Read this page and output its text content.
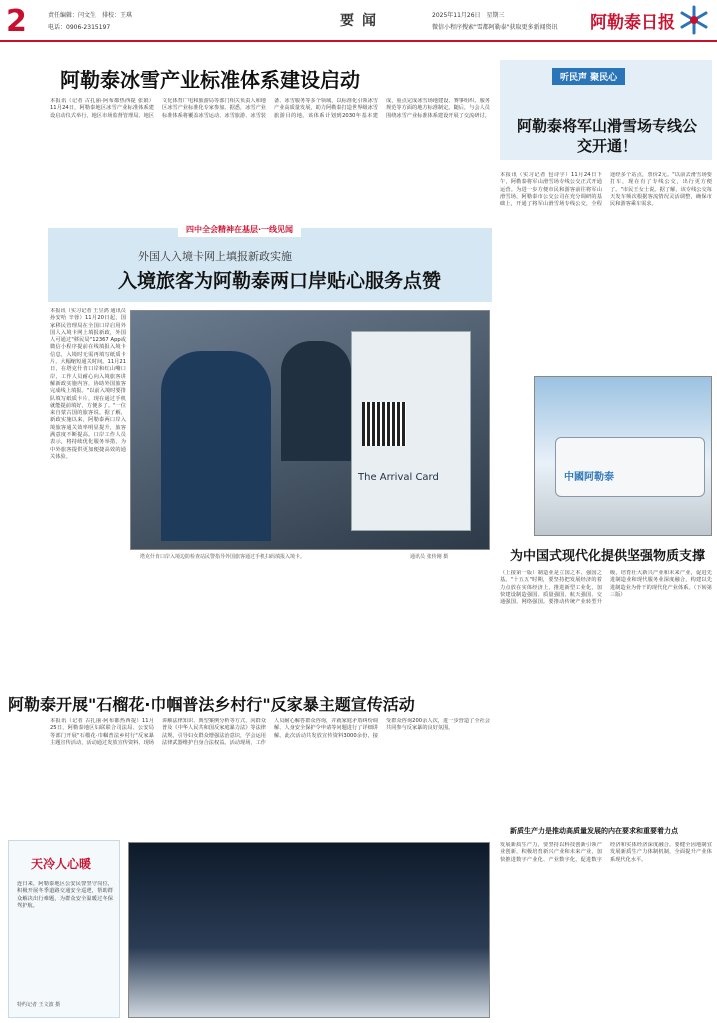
2	责任编辑：闫文生　排校：王琪
电话：0906-2315197	要闻	2025年11月26日　星期三
微信小程序搜索"雪都阿勒泰"获取更多新闻资讯 阿勒泰日报
阿勒泰冰雪产业标准体系建设启动
本报讯（记者 古扎丽·阿布都热西提 张娟）11月24日，阿勒泰地区冰雪产业标准体系建设启动仪式举行，地区市场监督管理局、地区文化体育广电和旅游局等部门相关负责人和地区冰雪产业标准化专家参加。据悉，冰雪产业标准体系将覆盖冰雪运动、冰雪旅游、冰雪装备、冰雪服务等多个领域，以标准化引领冰雪产业高质量发展，助力阿勒泰打造世界级冰雪旅游目的地。该体系计划到2030年基本建成，重点完成冰雪场地建设、赛事组织、服务规范等方面的地方标准制定。随后，与会人员围绕冰雪产业标准体系建设开展了交流研讨。
四中全会精神在基层·一线见闻
外国人入境卡网上填报新政实施
入境旅客为阿勒泰两口岸贴心服务点赞
本报讯（实习记者 王昱鸿 通讯员 孙安哈 辛蓉）11月20日起，国家移民管理局在全国口岸启用外国人入境卡网上填报新政，外国人可通过"移民局"12367 App或微信小程序提前在线填报入境卡信息，入境时无需再填写纸质卡片，大幅缩短通关时间。11月21日，在塔克什肯口岸和红山嘴口岸，工作人员耐心向入境旅客讲解新政实施内容，协助外国旅客完成线上填报。"以前入境时要排队填写纸质卡片，现在通过手机就能提前填好，方便多了。"一位来自蒙古国的旅客说。据了解，新政实施以来，阿勒泰两口岸入境旅客通关效率明显提升，旅客满意度不断提高。口岸工作人员表示，将持续优化服务举措，为中外旅客提供更加便捷高效的通关体验。
The Arrival Card
塔克什肯口岸入境边防检查站民警指导外国旅客通过手机扫码填报入境卡。	通讯员 张传刚 摄
阿勒泰开展"石榴花·巾帼普法乡村行"反家暴主题宣传活动
本报讯（记者 古扎丽·阿布都热西提）11月25日，阿勒泰地区妇联联合司法局、公安局等部门开展"石榴花·巾帼普法乡村行"反家暴主题宣传活动，活动通过发放宣传资料、现场讲解法律知识、典型案例分析等方式，向群众普及《中华人民共和国反家庭暴力法》等法律法规，引导妇女群众增强法治意识，学会运用法律武器维护自身合法权益。活动现场，工作人员耐心解答群众咨询，并就家庭矛盾纠纷调解、人身安全保护令申请等问题进行了详细讲解。此次活动共发放宣传资料3000余份，接受群众咨询200余人次，进一步营造了全社会共同参与反家暴的良好氛围。
天冷人心暖
连日来，阿勒泰地区公安民警坚守岗位，积极开展冬季道路交通安全巡逻，帮助群众解决出行难题，为群众安全温暖过冬保驾护航。
特约记者 王文波 摄
听民声 聚民心
阿勒泰将军山滑雪场专线公交开通！
本报讯（实习记者 包诗宇）11月24日下午，阿勒泰将军山滑雪场专线公交正式开通运营。为进一步方便市民和游客前往将军山滑雪场，阿勒泰市公交公司在充分调研的基础上，开通了将军山滑雪场专线公交，全程途经多个站点，票价2元。"以前去滑雪场要打车，现在有了专线公交，出行更方便了。"市民王女士说。据了解，该专线公交每天发车频次根据客流情况灵活调整，确保市民和游客乘车需求。
中國阿勒泰
为中国式现代化提供坚强物质支撑
（上接第一版）制造业是立国之本、强国之基。"十五五"时期，要坚持把发展经济的着力点放在实体经济上，推进新型工业化，加快建设制造强国、质量强国、航天强国、交通强国、网络强国。要推动传统产业转型升级，培育壮大新兴产业和未来产业，促进先进制造业和现代服务业深度融合，构建以先进制造业为骨干的现代化产业体系。（下转第三版）
新质生产力是推动高质量发展的内在要求和重要着力点
发展新质生产力，要坚持以科技创新引领产业创新，积极培育新兴产业和未来产业，加快推进数字产业化、产业数字化，促进数字经济和实体经济深度融合。要健全因地制宜发展新质生产力体制机制，全面提升产业体系现代化水平。
